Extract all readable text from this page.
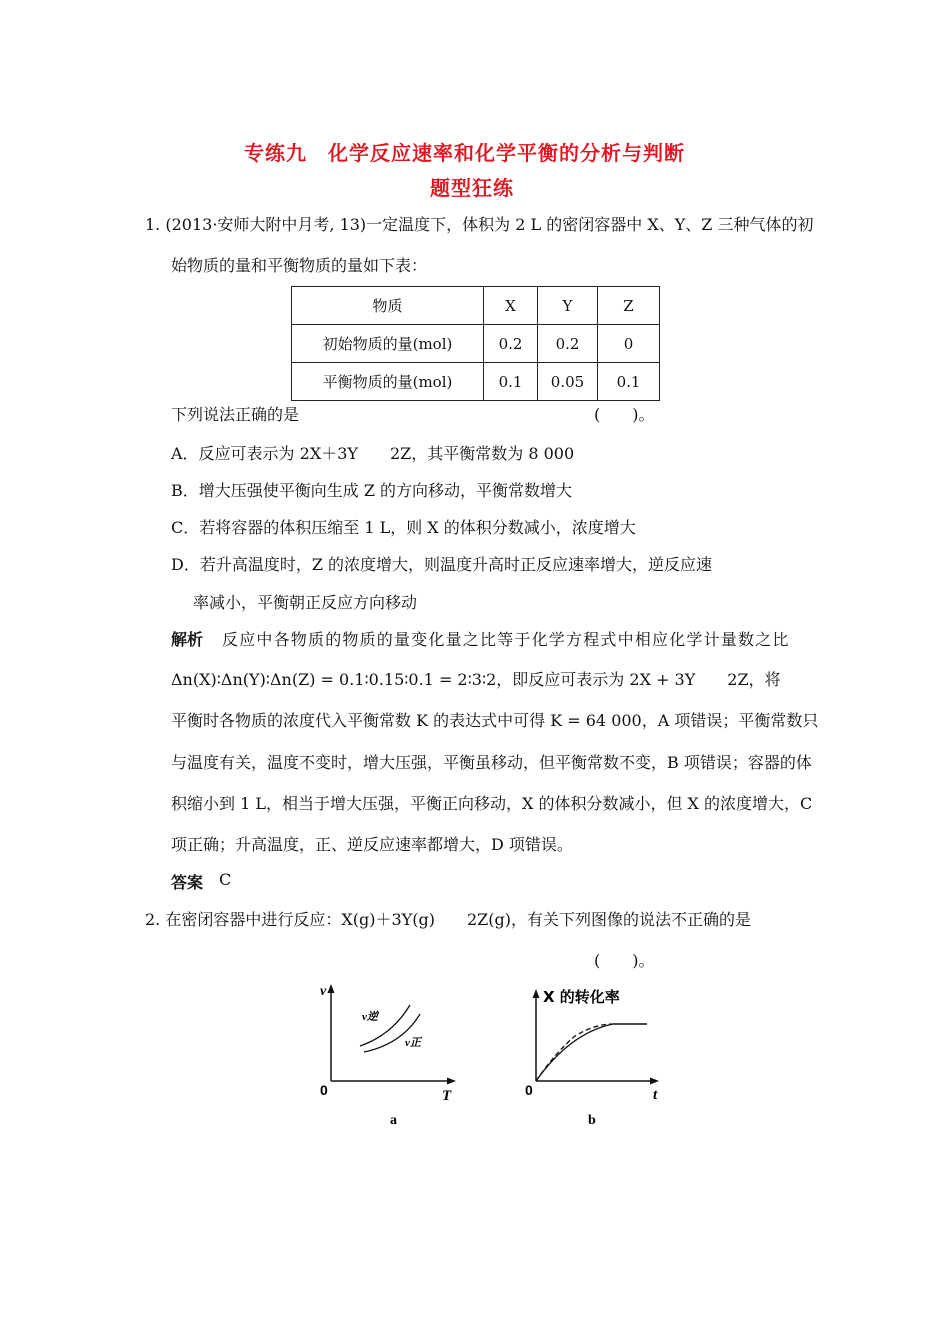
专练九　化学反应速率和化学平衡的分析与判断
题型狂练
1. (2013·安师大附中月考, 13)一定温度下，体积为 2 L 的密闭容器中 X、Y、Z 三种气体的初
始物质的量和平衡物质的量如下表：
物质	X	Y	Z
初始物质的量(mol)	0.2	0.2	0
平衡物质的量(mol)	0.1	0.05	0.1
下列说法正确的是	(　　)。
A．反应可表示为 2X＋3Y　　2Z，其平衡常数为 8 000
B．增大压强使平衡向生成 Z 的方向移动，平衡常数增大
C．若将容器的体积压缩至 1 L，则 X 的体积分数减小，浓度增大
D．若升高温度时，Z 的浓度增大，则温度升高时正反应速率增大，逆反应速
率减小，平衡朝正反应方向移动
解析 反应中各物质的物质的量变化量之比等于化学方程式中相应化学计量数之比
Δn(X)∶Δn(Y)∶Δn(Z) = 0.1∶0.15∶0.1 = 2∶3∶2，即反应可表示为 2X + 3Y　　2Z，将
平衡时各物质的浓度代入平衡常数 K 的表达式中可得 K = 64 000，A 项错误；平衡常数只
与温度有关，温度不变时，增大压强，平衡虽移动，但平衡常数不变，B 项错误；容器的体
积缩小到 1 L，相当于增大压强，平衡正向移动，X 的体积分数减小，但 X 的浓度增大，C
项正确；升高温度，正、逆反应速率都增大，D 项错误。
答案 C
2. 在密闭容器中进行反应：X(g)＋3Y(g)　　2Z(g)，有关下列图像的说法不正确的是
(　　)。
v
T
0
v逆
v正
a
X 的转化率
t
0
b
